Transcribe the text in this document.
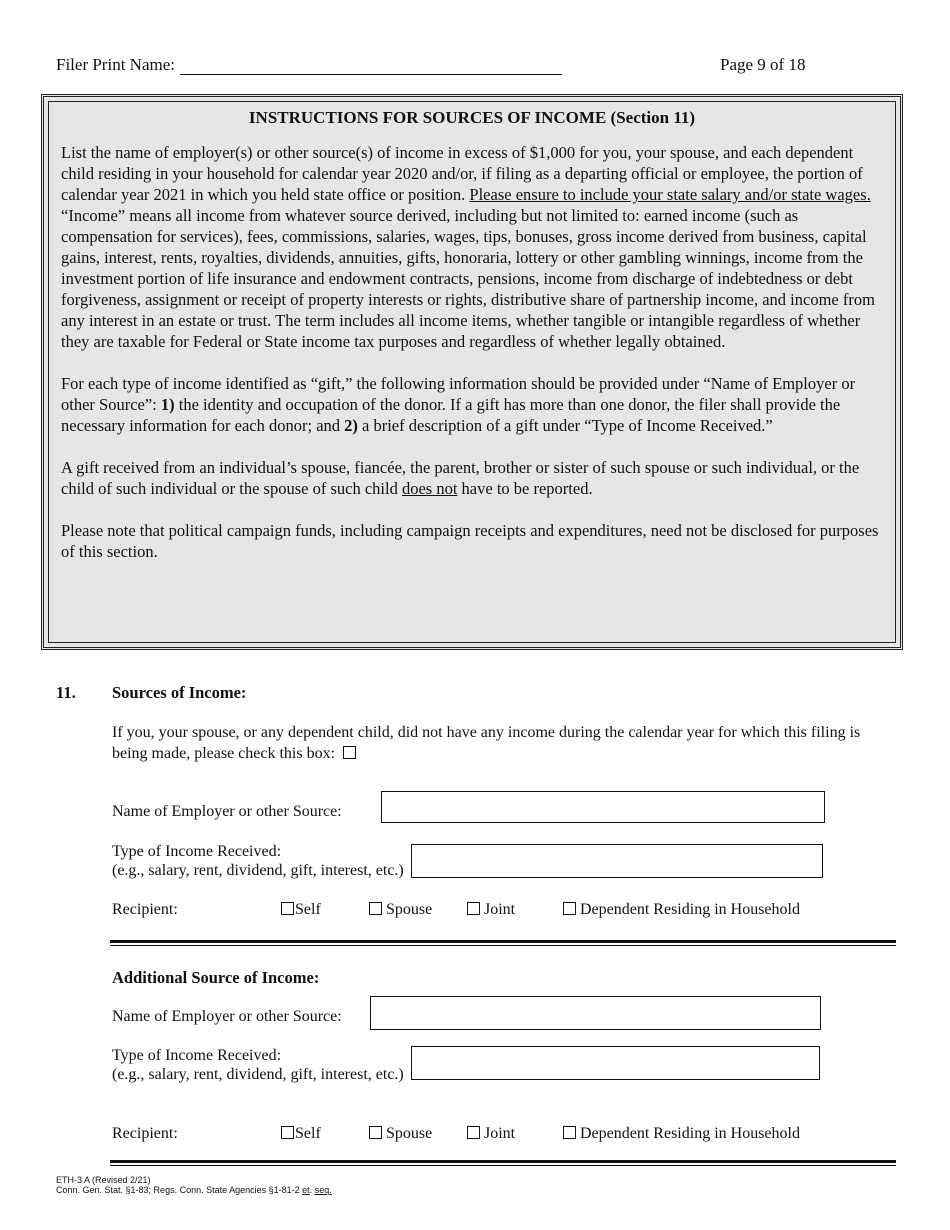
Filer Print Name:	Page 9 of 18
INSTRUCTIONS FOR SOURCES OF INCOME (Section 11)

List the name of employer(s) or other source(s) of income in excess of $1,000 for you, your spouse, and each dependent child residing in your household for calendar year 2020 and/or, if filing as a departing official or employee, the portion of calendar year 2021 in which you held state office or position. Please ensure to include your state salary and/or state wages. “Income” means all income from whatever source derived, including but not limited to: earned income (such as compensation for services), fees, commissions, salaries, wages, tips, bonuses, gross income derived from business, capital gains, interest, rents, royalties, dividends, annuities, gifts, honoraria, lottery or other gambling winnings, income from the investment portion of life insurance and endowment contracts, pensions, income from discharge of indebtedness or debt forgiveness, assignment or receipt of property interests or rights, distributive share of partnership income, and income from any interest in an estate or trust. The term includes all income items, whether tangible or intangible regardless of whether they are taxable for Federal or State income tax purposes and regardless of whether legally obtained.

For each type of income identified as “gift,” the following information should be provided under “Name of Employer or other Source”: 1) the identity and occupation of the donor. If a gift has more than one donor, the filer shall provide the necessary information for each donor; and 2) a brief description of a gift under “Type of Income Received.”

A gift received from an individual’s spouse, fiancée, the parent, brother or sister of such spouse or such individual, or the child of such individual or the spouse of such child does not have to be reported.

Please note that political campaign funds, including campaign receipts and expenditures, need not be disclosed for purposes of this section.

11. Sources of Income:
If you, your spouse, or any dependent child, did not have any income during the calendar year for which this filing is being made, please check this box:
Name of Employer or other Source:
Type of Income Received:
(e.g., salary, rent, dividend, gift, interest, etc.)
Recipient:	Self	Spouse	Joint	Dependent Residing in Household
Additional Source of Income:
Name of Employer or other Source:
Type of Income Received:
(e.g., salary, rent, dividend, gift, interest, etc.)
Recipient:	Self	Spouse	Joint	Dependent Residing in Household
ETH-3 A (Revised 2/21)
Conn. Gen. Stat. §1-83; Regs. Conn. State Agencies §1-81-2 et. seq.
